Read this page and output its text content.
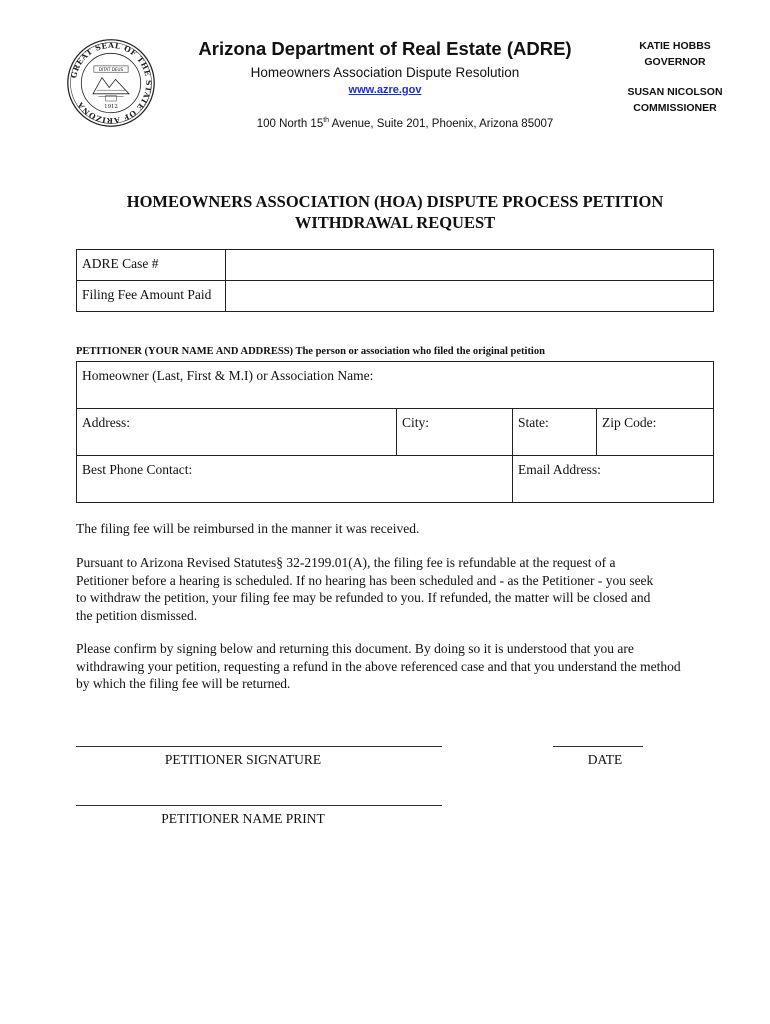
GREAT SEAL OF THE STATE OF ARIZONA
DITAT DEUS
1912
Arizona Department of Real Estate (ADRE)
Homeowners Association Dispute Resolution
www.azre.gov
100 North 15th Avenue, Suite 201, Phoenix, Arizona 85007
KATIE HOBBS
GOVERNOR
SUSAN NICOLSON
COMMISSIONER
HOMEOWNERS ASSOCIATION (HOA) DISPUTE PROCESS PETITION
WITHDRAWAL REQUEST
ADRE Case #	
Filing Fee Amount Paid	
PETITIONER (YOUR NAME AND ADDRESS) The person or association who filed the original petition
Homeowner (Last, First & M.I) or Association Name:			
Address:	City:	State:	Zip Code:
Best Phone Contact:		Email Address:	
The filing fee will be reimbursed in the manner it was received.
Pursuant to Arizona Revised Statutes§ 32-2199.01(A), the filing fee is refundable at the request of a
Petitioner before a hearing is scheduled. If no hearing has been scheduled and - as the Petitioner - you seek
to withdraw the petition, your filing fee may be refunded to you. If refunded, the matter will be closed and
the petition dismissed.
Please confirm by signing below and returning this document. By doing so it is understood that you are
withdrawing your petition, requesting a refund in the above referenced case and that you understand the method
by which the filing fee will be returned.
PETITIONER SIGNATURE	DATE
PETITIONER NAME PRINT
